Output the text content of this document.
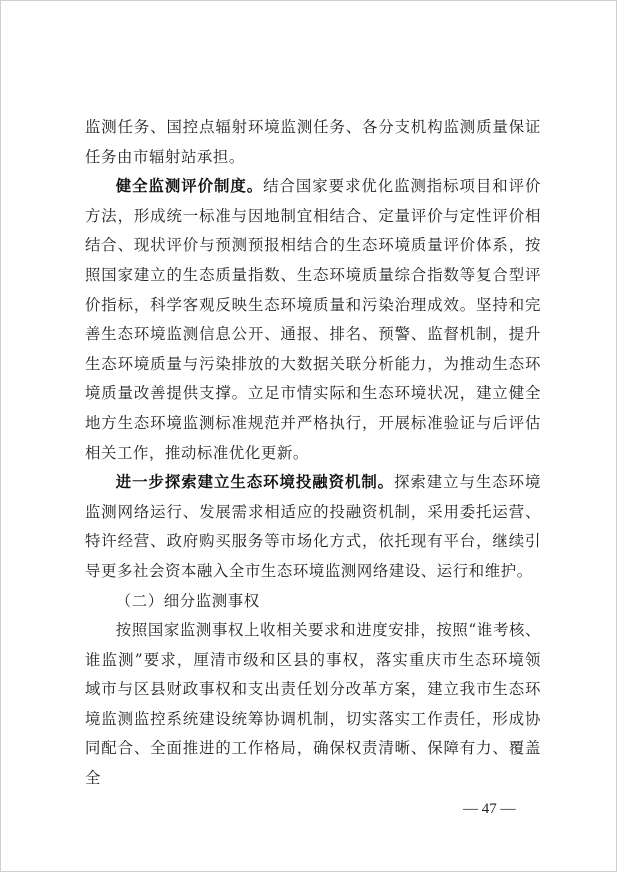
监测任务、国控点辐射环境监测任务、各分支机构监测质量保证任务由市辐射站承担。

健全监测评价制度。结合国家要求优化监测指标项目和评价方法，形成统一标准与因地制宜相结合、定量评价与定性评价相结合、现状评价与预测预报相结合的生态环境质量评价体系，按照国家建立的生态质量指数、生态环境质量综合指数等复合型评价指标，科学客观反映生态环境质量和污染治理成效。坚持和完善生态环境监测信息公开、通报、排名、预警、监督机制，提升生态环境质量与污染排放的大数据关联分析能力，为推动生态环境质量改善提供支撑。立足市情实际和生态环境状况，建立健全地方生态环境监测标准规范并严格执行，开展标准验证与后评估相关工作，推动标准优化更新。

进一步探索建立生态环境投融资机制。探索建立与生态环境监测网络运行、发展需求相适应的投融资机制，采用委托运营、特许经营、政府购买服务等市场化方式，依托现有平台，继续引导更多社会资本融入全市生态环境监测网络建设、运行和维护。

（二）细分监测事权

按照国家监测事权上收相关要求和进度安排，按照“谁考核、谁监测”要求，厘清市级和区县的事权，落实重庆市生态环境领域市与区县财政事权和支出责任划分改革方案，建立我市生态环境监测监控系统建设统筹协调机制，切实落实工作责任，形成协同配合、全面推进的工作格局，确保权责清晰、保障有力、覆盖全

— 47 —
